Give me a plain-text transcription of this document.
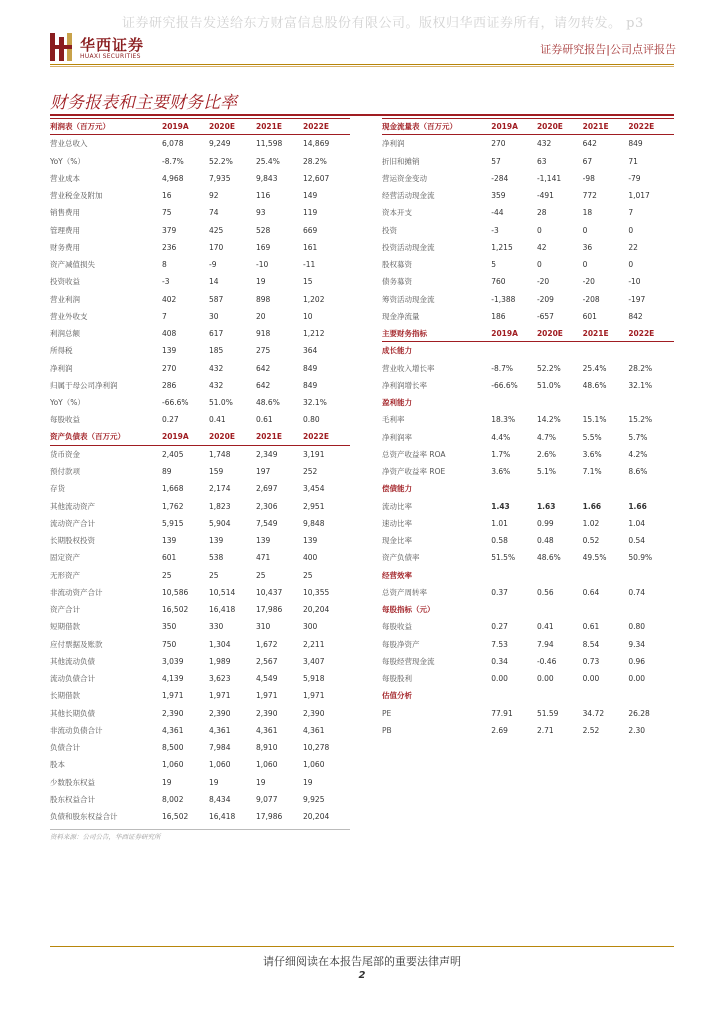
证券研究报告发送给东方财富信息股份有限公司。版权归华西证券所有，请勿转发。 p3
华西证券
HUAXI SECURITIES
证券研究报告|公司点评报告
财务报表和主要财务比率
利润表（百万元）	2019A	2020E	2021E	2022E
营业总收入	6,078	9,249	11,598	14,869
YoY（%）	-8.7%	52.2%	25.4%	28.2%
营业成本	4,968	7,935	9,843	12,607
营业税金及附加	16	92	116	149
销售费用	75	74	93	119
管理费用	379	425	528	669
财务费用	236	170	169	161
资产减值损失	8	-9	-10	-11
投资收益	-3	14	19	15
营业利润	402	587	898	1,202
营业外收支	7	30	20	10
利润总额	408	617	918	1,212
所得税	139	185	275	364
净利润	270	432	642	849
归属于母公司净利润	286	432	642	849
YoY（%）	-66.6%	51.0%	48.6%	32.1%
每股收益	0.27	0.41	0.61	0.80
资产负债表（百万元）	2019A	2020E	2021E	2022E
货币资金	2,405	1,748	2,349	3,191
预付款项	89	159	197	252
存货	1,668	2,174	2,697	3,454
其他流动资产	1,762	1,823	2,306	2,951
流动资产合计	5,915	5,904	7,549	9,848
长期股权投资	139	139	139	139
固定资产	601	538	471	400
无形资产	25	25	25	25
非流动资产合计	10,586	10,514	10,437	10,355
资产合计	16,502	16,418	17,986	20,204
短期借款	350	330	310	300
应付票据及账款	750	1,304	1,672	2,211
其他流动负债	3,039	1,989	2,567	3,407
流动负债合计	4,139	3,623	4,549	5,918
长期借款	1,971	1,971	1,971	1,971
其他长期负债	2,390	2,390	2,390	2,390
非流动负债合计	4,361	4,361	4,361	4,361
负债合计	8,500	7,984	8,910	10,278
股本	1,060	1,060	1,060	1,060
少数股东权益	19	19	19	19
股东权益合计	8,002	8,434	9,077	9,925
负债和股东权益合计	16,502	16,418	17,986	20,204
现金流量表（百万元）	2019A	2020E	2021E	2022E
净利润	270	432	642	849
折旧和摊销	57	63	67	71
营运资金变动	-284	-1,141	-98	-79
经营活动现金流	359	-491	772	1,017
资本开支	-44	28	18	7
投资	-3	0	0	0
投资活动现金流	1,215	42	36	22
股权募资	5	0	0	0
债务募资	760	-20	-20	-10
筹资活动现金流	-1,388	-209	-208	-197
现金净流量	186	-657	601	842
主要财务指标	2019A	2020E	2021E	2022E
成长能力
营业收入增长率	-8.7%	52.2%	25.4%	28.2%
净利润增长率	-66.6%	51.0%	48.6%	32.1%
盈利能力
毛利率	18.3%	14.2%	15.1%	15.2%
净利润率	4.4%	4.7%	5.5%	5.7%
总资产收益率 ROA	1.7%	2.6%	3.6%	4.2%
净资产收益率 ROE	3.6%	5.1%	7.1%	8.6%
偿债能力
流动比率	1.43	1.63	1.66	1.66
速动比率	1.01	0.99	1.02	1.04
现金比率	0.58	0.48	0.52	0.54
资产负债率	51.5%	48.6%	49.5%	50.9%
经营效率
总资产周转率	0.37	0.56	0.64	0.74
每股指标（元）
每股收益	0.27	0.41	0.61	0.80
每股净资产	7.53	7.94	8.54	9.34
每股经营现金流	0.34	-0.46	0.73	0.96
每股股利	0.00	0.00	0.00	0.00
估值分析
PE	77.91	51.59	34.72	26.28
PB	2.69	2.71	2.52	2.30
资料来源：公司公告，华西证券研究所
请仔细阅读在本报告尾部的重要法律声明
2
